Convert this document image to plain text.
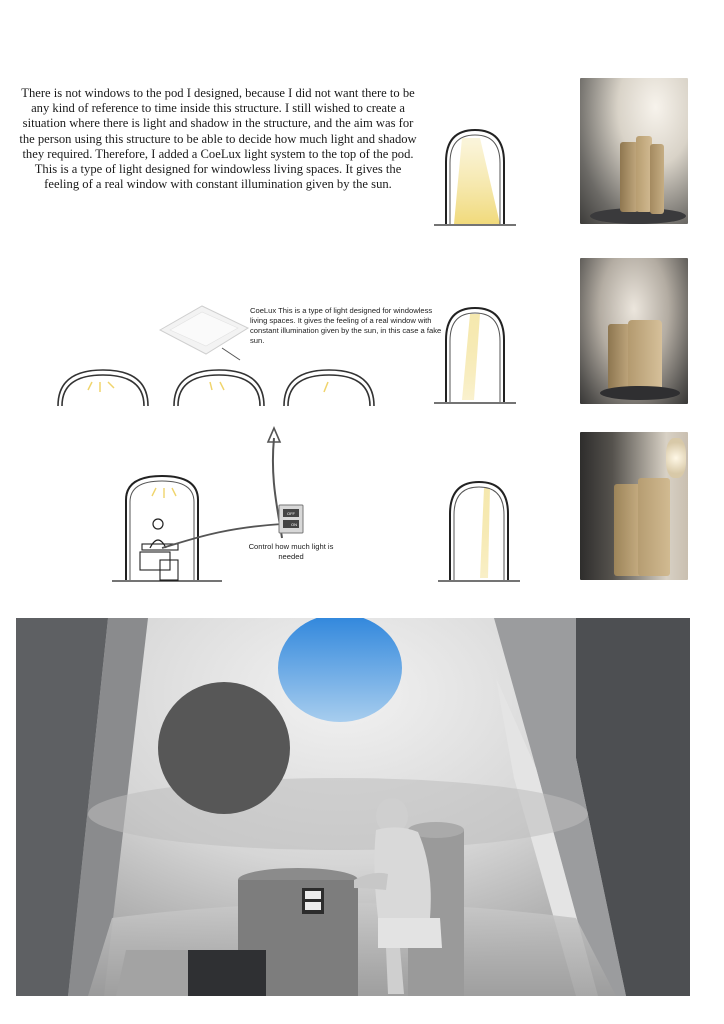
There is not windows to the pod I designed, because I did not want there to be any kind of reference to time inside this structure. I still wished to create a situation where there is light and shadow in the structure, and the aim was for the person using this structure to be able to decide how much light and shadow they required. Therefore, I added a CoeLux light system to the top of the pod. This is a type of light designed for windowless living spaces. It gives the feeling of a real window with constant illumination given by the sun.
CoeLux This is a type of light designed for windowless living spaces. It gives the feeling of a real window with constant illumination given by the sun, in this case a fake sun.
OFF
ON
Control how much light is needed
